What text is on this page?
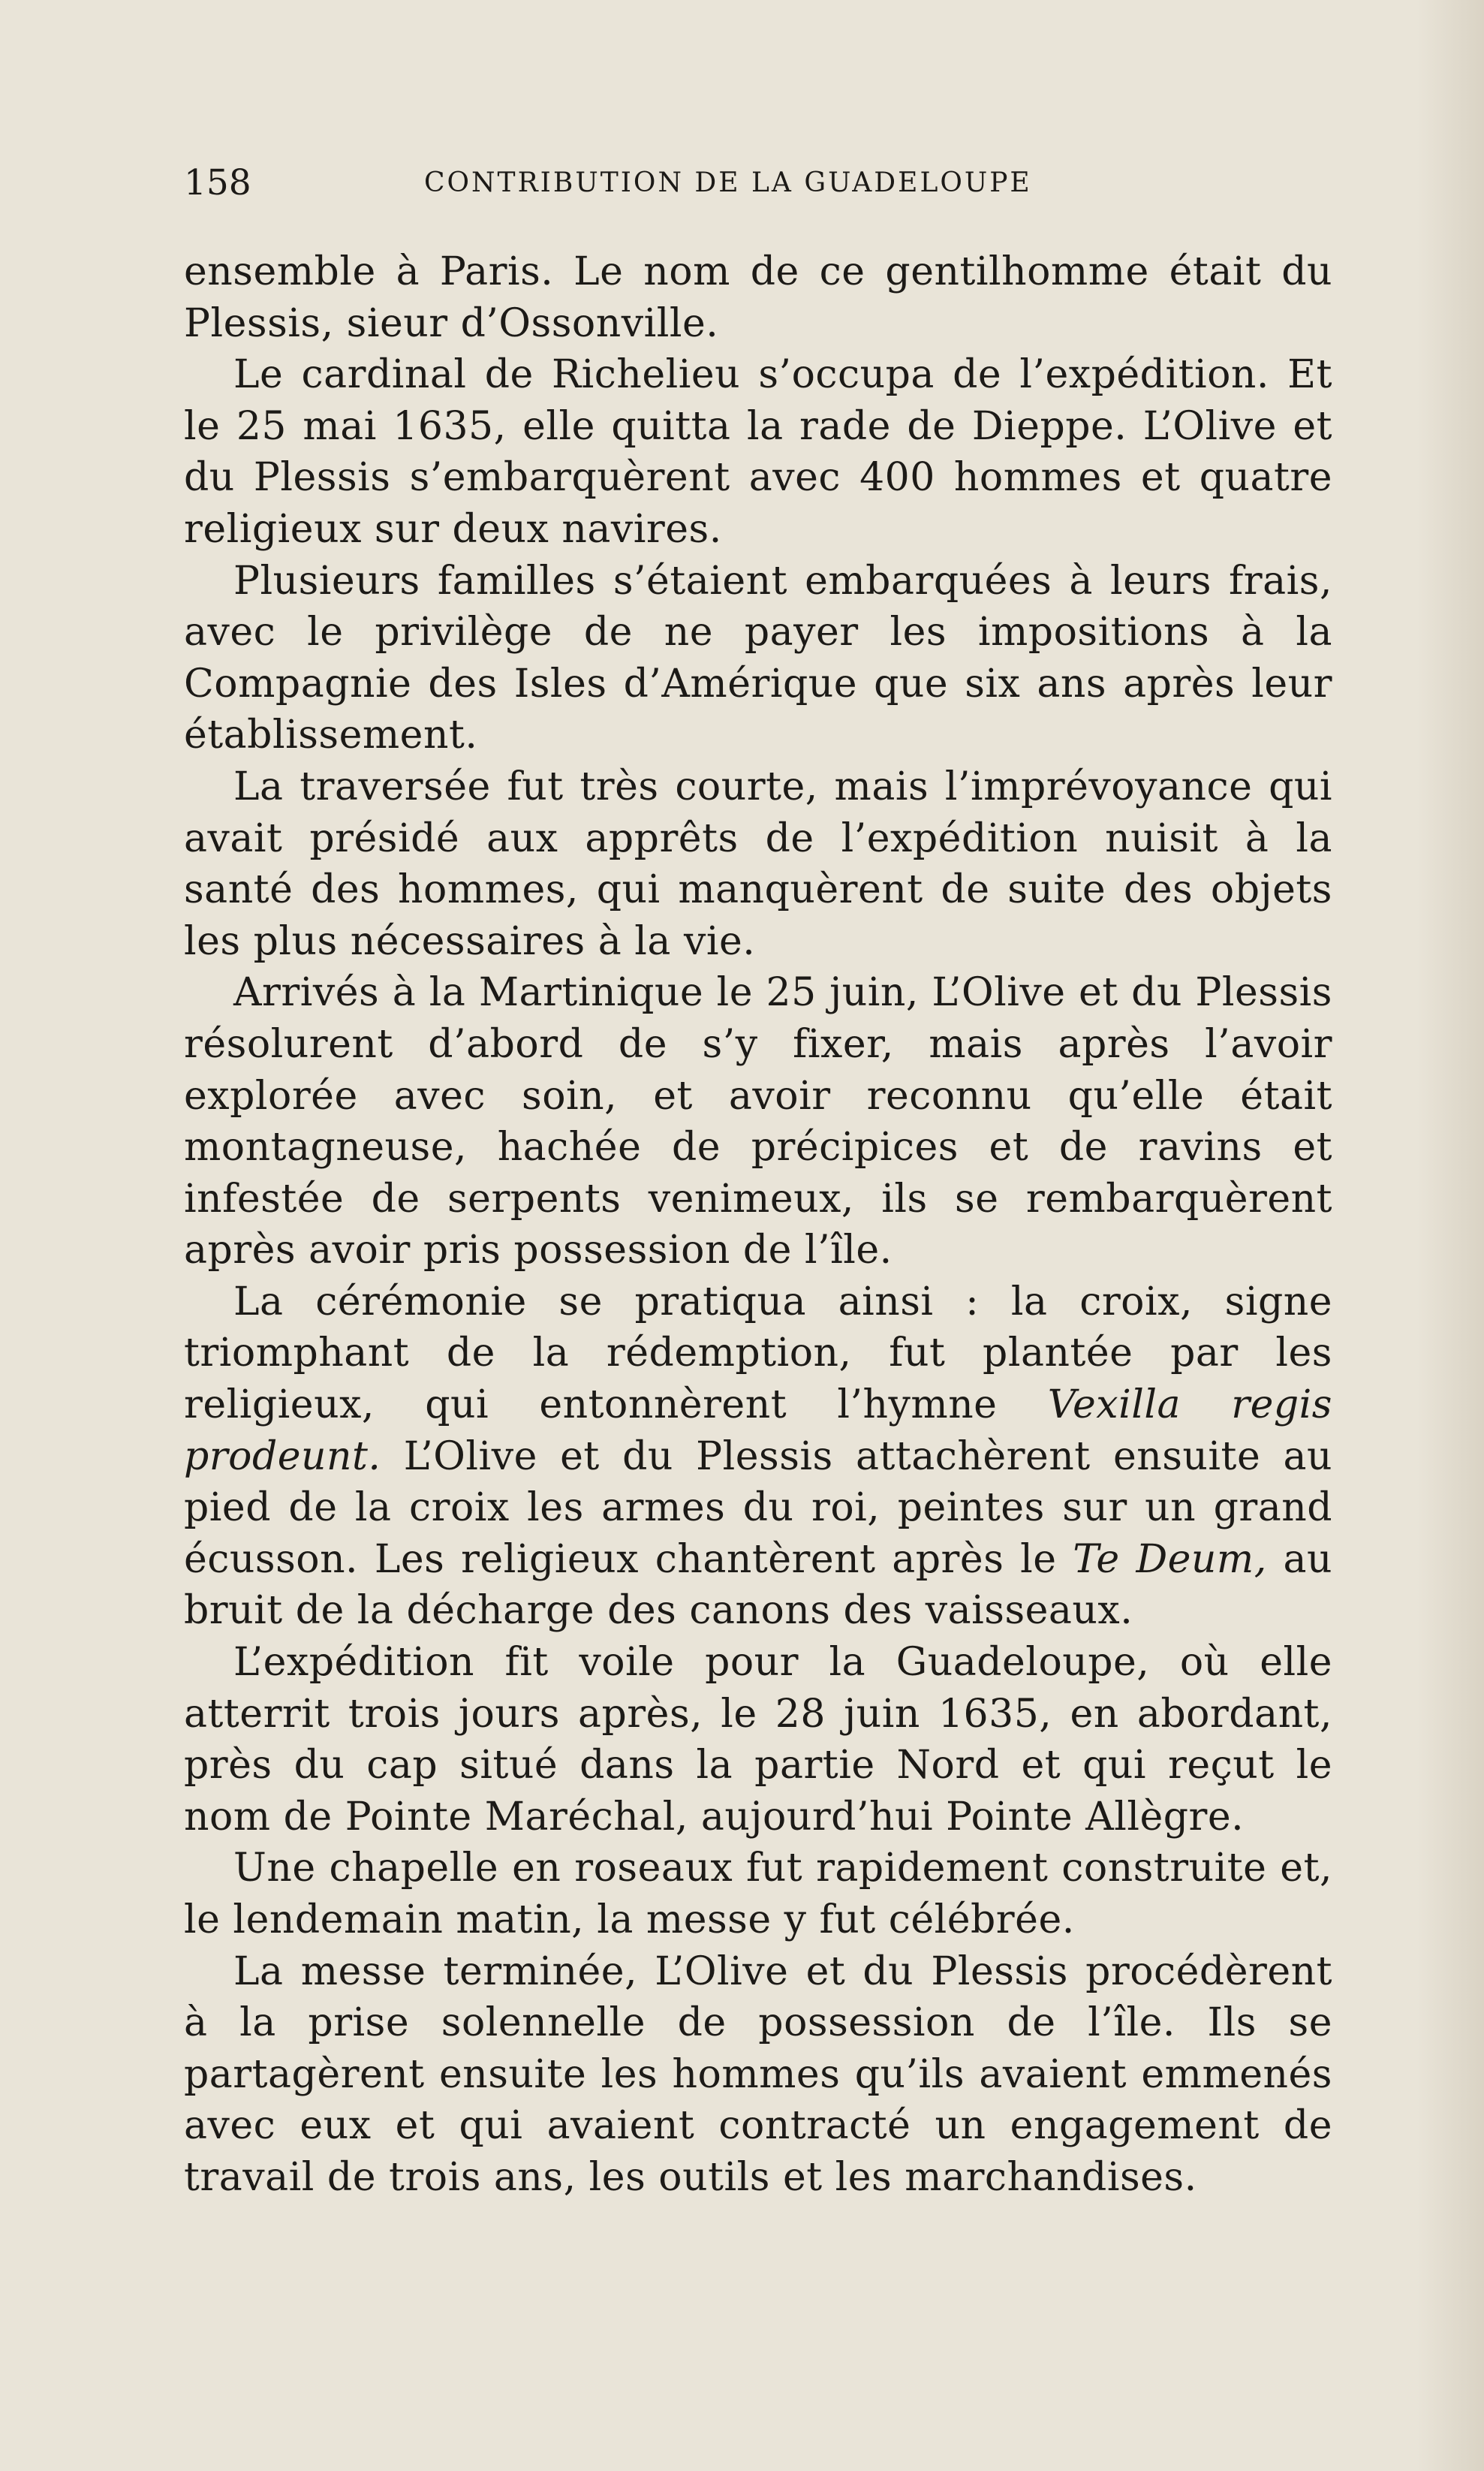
158	CONTRIBUTION DE LA GUADELOUPE

ensemble à Paris. Le nom de ce gentilhomme était du Plessis, sieur d’Ossonville.

Le cardinal de Richelieu s’occupa de l’expédition. Et le 25 mai 1635, elle quitta la rade de Dieppe. L’Olive et du Plessis s’embarquèrent avec 400 hommes et quatre religieux sur deux navires.

Plusieurs familles s’étaient embarquées à leurs frais, avec le privilège de ne payer les impositions à la Compagnie des Isles d’Amérique que six ans après leur établissement.

La traversée fut très courte, mais l’imprévoyance qui avait présidé aux apprêts de l’expédition nuisit à la santé des hommes, qui manquèrent de suite des objets les plus nécessaires à la vie.

Arrivés à la Martinique le 25 juin, L’Olive et du Plessis résolurent d’abord de s’y fixer, mais après l’avoir explorée avec soin, et avoir reconnu qu’elle était montagneuse, hachée de précipices et de ravins et infestée de serpents venimeux, ils se rembarquèrent après avoir pris possession de l’île.

La cérémonie se pratiqua ainsi : la croix, signe triomphant de la rédemption, fut plantée par les religieux, qui entonnèrent l’hymne Vexilla regis prodeunt. L’Olive et du Plessis attachèrent ensuite au pied de la croix les armes du roi, peintes sur un grand écusson. Les religieux chantèrent après le Te Deum, au bruit de la décharge des canons des vaisseaux.

L’expédition fit voile pour la Guadeloupe, où elle atterrit trois jours après, le 28 juin 1635, en abordant, près du cap situé dans la partie Nord et qui reçut le nom de Pointe Maréchal, aujourd’hui Pointe Allègre.

Une chapelle en roseaux fut rapidement construite et, le lendemain matin, la messe y fut célébrée.

La messe terminée, L’Olive et du Plessis procédèrent à la prise solennelle de possession de l’île. Ils se partagèrent ensuite les hommes qu’ils avaient emmenés avec eux et qui avaient contracté un engagement de travail de trois ans, les outils et les marchandises.
